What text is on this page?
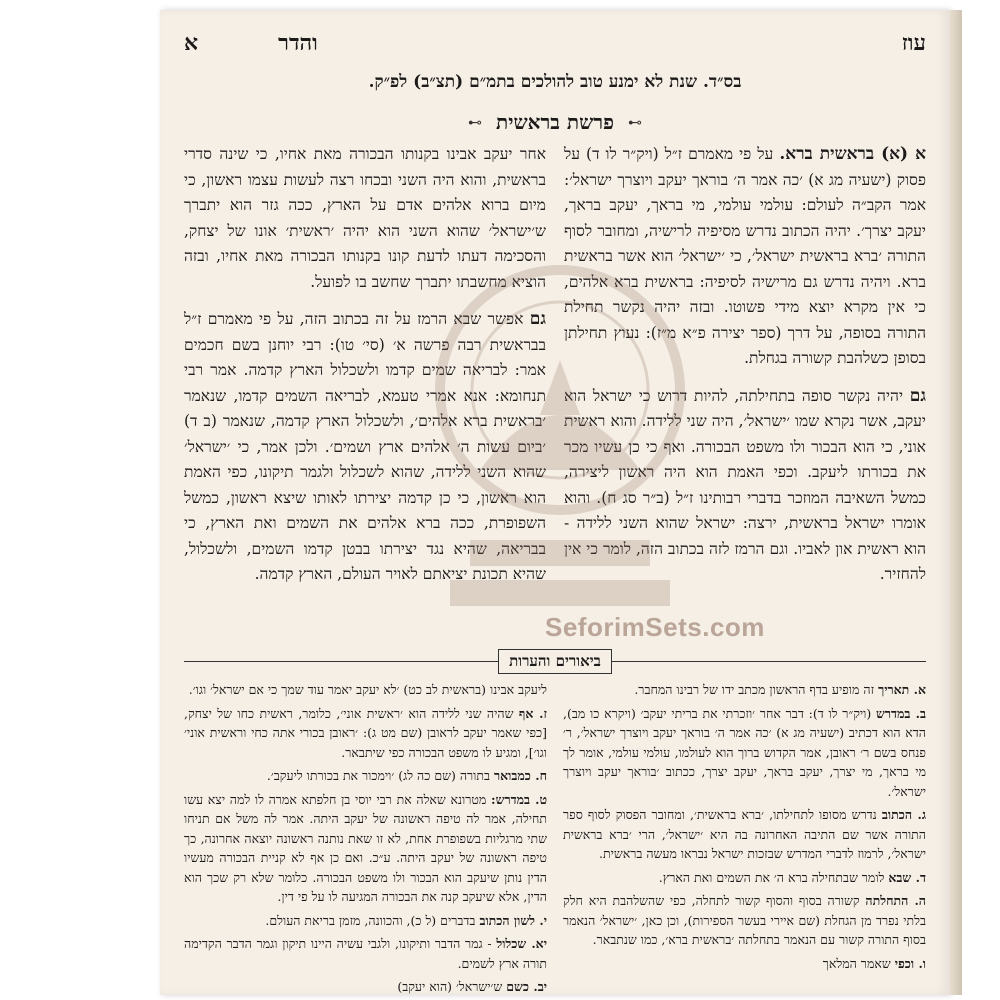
א	והדר	עוז
בס״ד. שנת לא ימנע טוב להולכים בתמ״ם (תצ״ב) לפ״ק.
⊶
פרשת בראשית
⊶

א (א) בראשית ברא. על פי מאמרם ז״ל (ויק״ר לו ד) על פסוק (ישעיה מג א) ׳כה אמר ה׳ בוראך יעקב ויוצרך ישראל׳: אמר הקב״ה לעולם: עולמי עולמי, מי בראך, יעקב בראך, יעקב יצרך׳. יהיה הכתוב נדרש מסיפיה לרישיה, ומחובר לסוף התורה ׳ברא בראשית ישראל׳, כי ׳ישראל׳ הוא אשר בראשית ברא. ויהיה נדרש גם מרישיה לסיפיה: בראשית ברא אלהים, כי אין מקרא יוצא מידי פשוטו. ובזה יהיה נקשר תחילת התורה בסופה, על דרך (ספר יצירה פ״א מ״ז): נעוץ תחילתן בסופן כשלהבת קשורה בגחלת.

גם יהיה נקשר סופה בתחילתה, להיות דרוש כי ישראל הוא יעקב, אשר נקרא שמו ׳ישראל׳, היה שני ללידה. והוא ראשית אוני, כי הוא הבכור ולו משפט הבכורה. ואף כי כן עשיו מכר את בכורתו ליעקב. וכפי האמת הוא היה ראשון ליצירה, כמשל השאיבה המוזכר בדברי רבותינו ז״ל (ב״ר סג ח). והוא אומרו ישראל בראשית, ירצה: ישראל שהוא השני ללידה - הוא ראשית און לאביו. וגם הרמז לזה בכתוב הזה, לומר כי אין להחזיר.

אחר יעקב אבינו בקנותו הבכורה מאת אחיו, כי שינה סדרי בראשית, והוא היה השני ובכחו רצה לעשות עצמו ראשון, כי מיום ברוא אלהים אדם על הארץ, ככה גזר הוא יתברך ש׳ישראל׳ שהוא השני הוא יהיה ׳ראשית׳ אונו של יצחק, והסכימה דעתו לדעת קונו בקנותו הבכורה מאת אחיו, ובזה הוציא מחשבתו יתברך שחשב בו לפועל.

גם אפשר שבא הרמז על זה בכתוב הזה, על פי מאמרם ז״ל בבראשית רבה פרשה א׳ (סי׳ טו): רבי יוחנן בשם חכמים אמר: לבריאה שמים קדמו ולשכלול הארץ קדמה. אמר רבי תנחומא: אנא אמרי טעמא, לבריאה השמים קדמו, שנאמר ׳בראשית ברא אלהים׳, ולשכלול הארץ קדמה, שנאמר (ב ד) ׳ביום עשות ה׳ אלהים ארץ ושמים׳. ולכן אמר, כי ׳ישראל׳ שהוא השני ללידה, שהוא לשכלול ולגמר תיקונו, כפי האמת הוא ראשון, כי כן קדמה יצירתו לאותו שיצא ראשון, כמשל השפופרת, ככה ברא אלהים את השמים ואת הארץ, כי בבריאה, שהיא נגד יצירתו בבטן קדמו השמים, ולשכלול, שהיא תכונת יציאתם לאויר העולם, הארץ קדמה.

SeforimSets.com
ביאורים והערות

א. תאריך זה מופיע בדף הראשון מכתב ידו של רבינו המחבר.

ב. במדרש (ויק״ר לו ד): דבר אחר ׳וזכרתי את בריתי יעקב׳ (ויקרא כו מב), הדא הוא דכתיב (ישעיה מג א) ׳כה אמר ה׳ בוראך יעקב ויוצרך ישראל׳, ר׳ פנחס בשם ר׳ ראובן, אמר הקדוש ברוך הוא לעולמו, עולמי עולמי, אומר לך מי בראך, מי יצרך, יעקב בראך, יעקב יצרך, ככתוב ׳בוראך יעקב ויוצרך ישראל׳.

ג. הכתוב נדרש מסופו לתחילתו, ׳ברא בראשית׳, ומחובר הפסוק לסוף ספר התורה אשר שם התיבה האחרונה בה היא ׳ישראל׳, הרי ׳ברא בראשית ישראל׳, לרמוז לדברי המדרש שבזכות ישראל נבראו מעשה בראשית.

ד. שבא לומר שבתחילה ברא ה׳ את השמים ואת הארץ.

ה. התחלתה קשורה בסוף והסוף קשור לתחלה, כפי שהשלהבת היא חלק בלתי נפרד מן הגחלת (שם איירי בעשר הספירות), וכן כאן, ׳ישראל׳ הנאמר בסוף התורה קשור עם הנאמר בתחלתה ׳בראשית ברא׳, כמו שנתבאר.

ו. וכפי שאמר המלאך

ליעקב אבינו (בראשית לב כט) ׳לא יעקב יאמר עוד שמך כי אם ישראל׳ וגו׳.

ז. אף שהיה שני ללידה הוא ׳ראשית אוני׳, כלומר, ראשית כחו של יצחק, [כפי שאמר יעקב לראובן (שם מט ג): ׳ראובן בכורי אתה כחי וראשית אוני׳ וגו׳], ומגיע לו משפט הבכורה כפי שיתבאר.

ח. כמבואר בתורה (שם כה לג) ׳וימכור את בכורתו ליעקב׳.

ט. במדרש: מטרונא שאלה את רבי יוסי בן חלפתא אמרה לו למה יצא עשו תחילה, אמר לה טיפה ראשונה של יעקב היתה. אמר לה משל אם תניחו שתי מרגליות בשפופרת אחת, לא זו שאת נותנה ראשונה יוצאה אחרונה, כך טיפה ראשונה של יעקב היתה. ע״כ. ואם כן אף לא קניית הבכורה מעשיו הדין נותן שיעקב הוא הבכור ולו משפט הבכורה. כלומר שלא רק שכך הוא הדין, אלא שיעקב קנה את הבכורה המגיעה לו על פי דין.

י. לשון הכתוב בדברים (ל כ), והכוונה, מזמן בריאת העולם.

יא. שכלול - גמר הדבר ותיקונו, ולגבי עשיה היינו תיקון וגמר הדבר הקדימה תורה ארץ לשמים.

יב. כשם ש׳ישראל׳ (הוא יעקב)
